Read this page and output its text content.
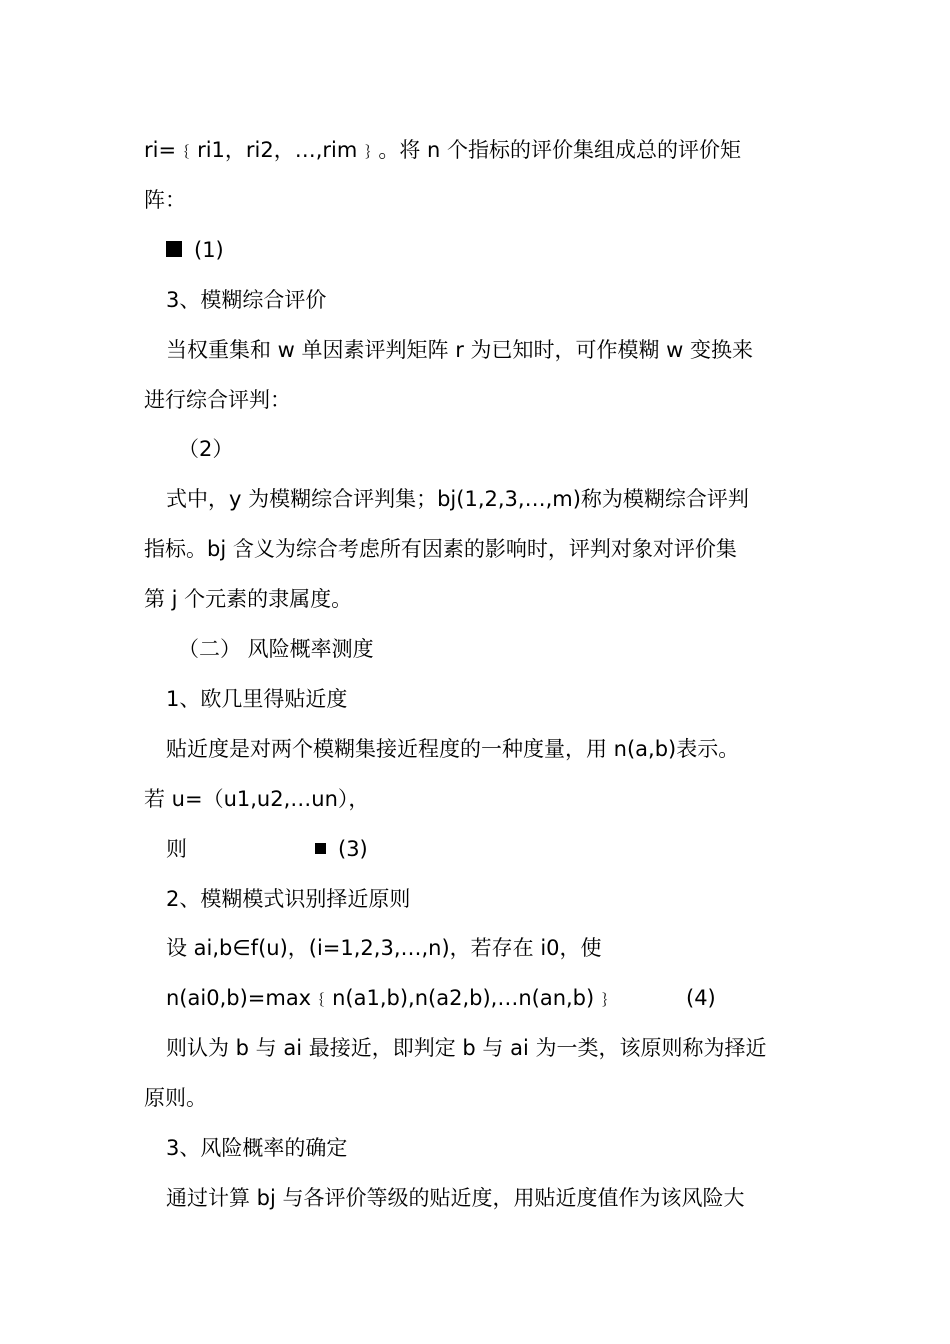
ri=﹛ri1，ri2，…,rim﹜。将 n 个指标的评价集组成总的评价矩
阵：
(1)
3、模糊综合评价
当权重集和 w 单因素评判矩阵 r 为已知时，可作模糊 w 变换来
进行综合评判：
（2）
式中，y 为模糊综合评判集；bj(1,2,3,…,m)称为模糊综合评判
指标。bj 含义为综合考虑所有因素的影响时，评判对象对评价集
第 j 个元素的隶属度。
（二） 风险概率测度
1、欧几里得贴近度
贴近度是对两个模糊集接近程度的一种度量，用 n(a,b)表示。
若 u=（u1,u2,…un），
则	(3)
2、模糊模式识别择近原则
设 ai,b∈f(u)，(i=1,2,3,…,n)，若存在 i0，使
n(ai0,b)=max﹛n(a1,b),n(a2,b),…n(an,b)﹜	(4)
则认为 b 与 ai 最接近，即判定 b 与 ai 为一类，该原则称为择近
原则。
3、风险概率的确定
通过计算 bj 与各评价等级的贴近度，用贴近度值作为该风险大
